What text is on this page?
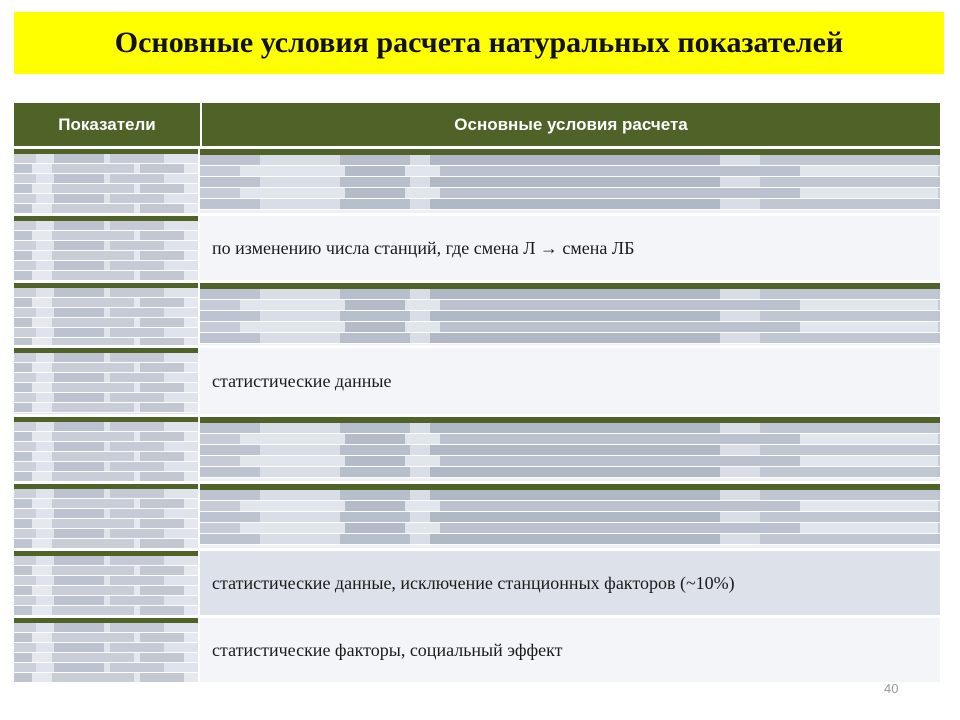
Основные условия расчета натуральных показателей
Показатели	Основные условия расчета
по изменению числа станций, где смена Л → смена ЛБ
статистические данные
статистические данные, исключение станционных факторов (~10%)
статистические факторы, социальный эффект
40
